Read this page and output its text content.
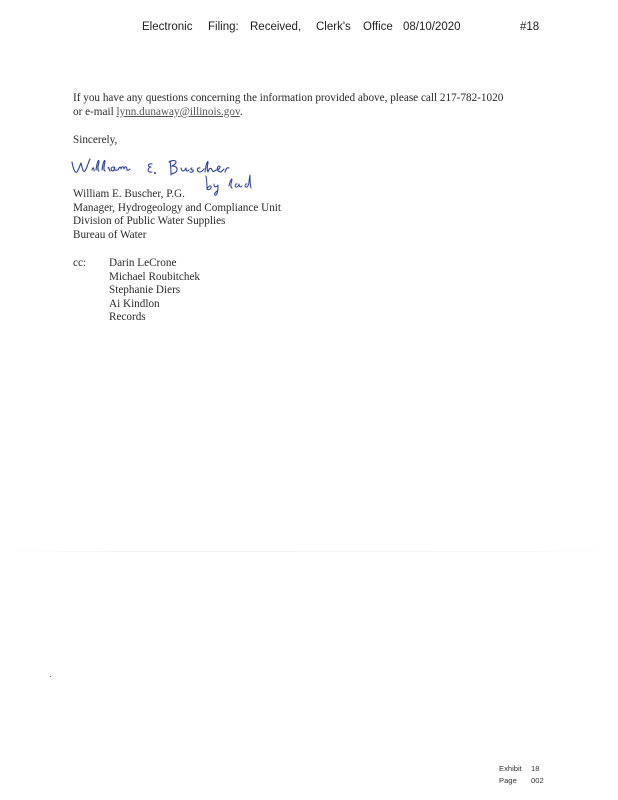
Electronic Filing: Received, Clerk's Office 08/10/2020	#18
If you have any questions concerning the information provided above, please call 217-782-1020
or e-mail lynn.dunaway@illinois.gov.
Sincerely,
William E. Buscher, P.G.
Manager, Hydrogeology and Compliance Unit
Division of Public Water Supplies
Bureau of Water
cc: Darin LeCrone
Michael Roubitchek
Stephanie Diers
Ai Kindlon
Records
Exhibit 18
Page 002
